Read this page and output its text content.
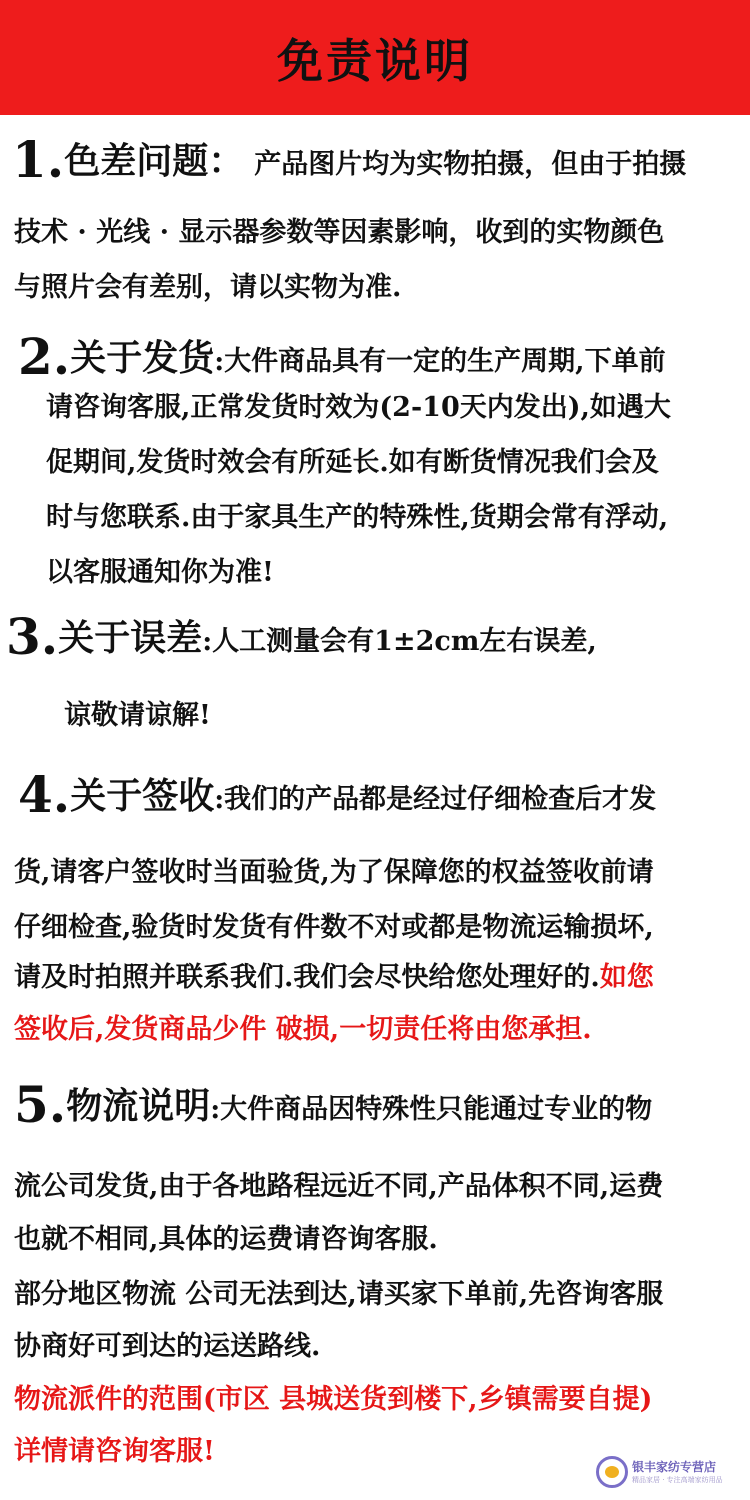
免责说明
1.色差问题： 产品图片均为实物拍摄，但由于拍摄
技术 · 光线 · 显示器参数等因素影响，收到的实物颜色
与照片会有差别，请以实物为准.
2.关于发货:大件商品具有一定的生产周期,下单前
请咨询客服,正常发货时效为(2-10天内发出),如遇大
促期间,发货时效会有所延长.如有断货情况我们会及
时与您联系.由于家具生产的特殊性,货期会常有浮动,
以客服通知你为准!
3.关于误差:人工测量会有1±2cm左右误差,
谅敬请谅解!
4.关于签收:我们的产品都是经过仔细检查后才发
货,请客户签收时当面验货,为了保障您的权益签收前请
仔细检查,验货时发货有件数不对或都是物流运输损坏,
请及时拍照并联系我们.我们会尽快给您处理好的.如您
签收后,发货商品少件 破损,一切责任将由您承担.
5.物流说明:大件商品因特殊性只能通过专业的物
流公司发货,由于各地路程远近不同,产品体积不同,运费
也就不相同,具体的运费请咨询客服.
部分地区物流 公司无法到达,请买家下单前,先咨询客服
协商好可到达的运送路线.
物流派件的范围(市区 县城送货到楼下,乡镇需要自提)
详情请咨询客服!	银丰家纺专营店
精品家居 · 专注高端家纺用品
